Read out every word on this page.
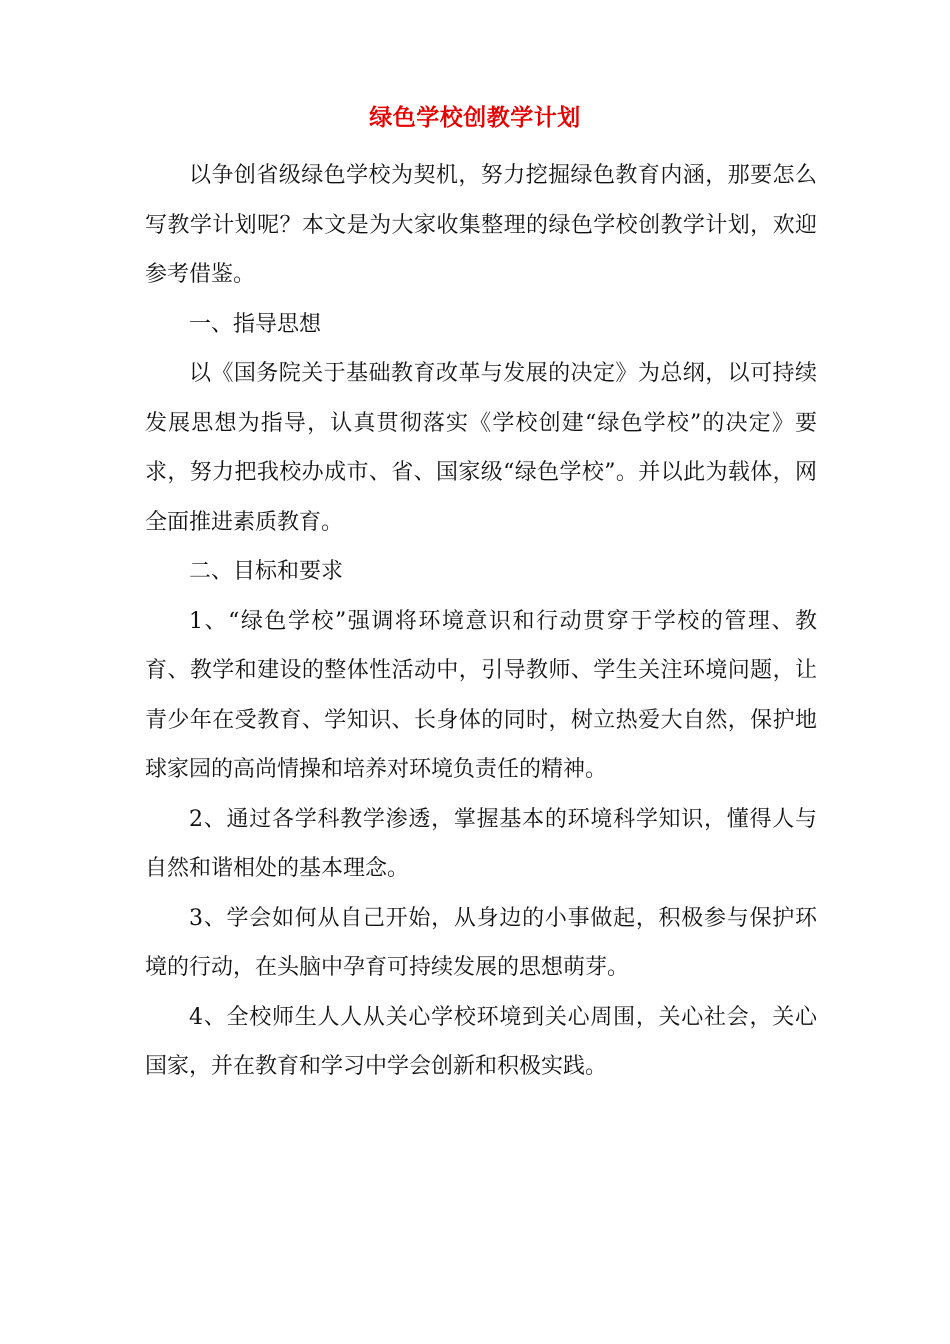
绿色学校创教学计划

以争创省级绿色学校为契机，努力挖掘绿色教育内涵，那要怎么写教学计划呢？本文是为大家收集整理的绿色学校创教学计划，欢迎参考借鉴。

一、指导思想

以《国务院关于基础教育改革与发展的决定》为总纲，以可持续发展思想为指导，认真贯彻落实《学校创建“绿色学校”的决定》要求，努力把我校办成市、省、国家级“绿色学校”。并以此为载体，网全面推进素质教育。

二、目标和要求

1、“绿色学校”强调将环境意识和行动贯穿于学校的管理、教育、教学和建设的整体性活动中，引导教师、学生关注环境问题，让青少年在受教育、学知识、长身体的同时，树立热爱大自然，保护地球家园的高尚情操和培养对环境负责任的精神。

2、通过各学科教学渗透，掌握基本的环境科学知识，懂得人与自然和谐相处的基本理念。

3、学会如何从自己开始，从身边的小事做起，积极参与保护环境的行动，在头脑中孕育可持续发展的思想萌芽。

4、全校师生人人从关心学校环境到关心周围，关心社会，关心国家，并在教育和学习中学会创新和积极实践。
